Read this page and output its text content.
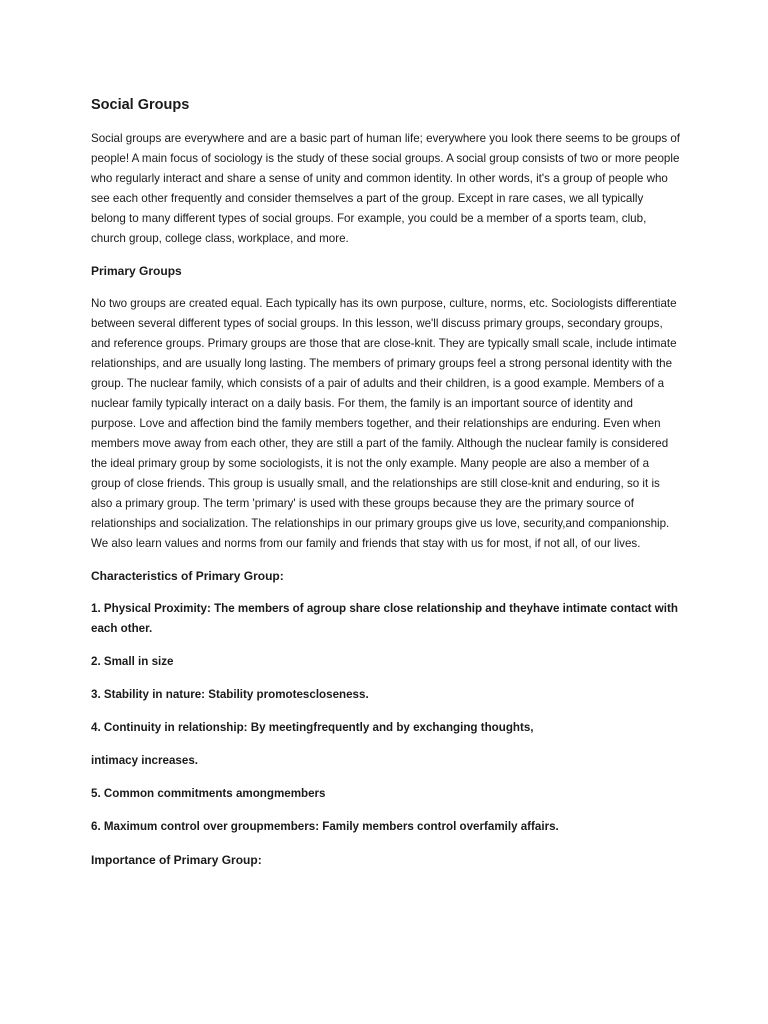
Social Groups

Social groups are everywhere and are a basic part of human life; everywhere you look there seems to be groups of people! A main focus of sociology is the study of these social groups. A social group consists of two or more people who regularly interact and share a sense of unity and common identity. In other words, it's a group of people who see each other frequently and consider themselves a part of the group. Except in rare cases, we all typically belong to many different types of social groups. For example, you could be a member of a sports team, club, church group, college class, workplace, and more.

Primary Groups

No two groups are created equal. Each typically has its own purpose, culture, norms, etc. Sociologists differentiate between several different types of social groups. In this lesson, we'll discuss primary groups, secondary groups, and reference groups. Primary groups are those that are close-knit. They are typically small scale, include intimate relationships, and are usually long lasting. The members of primary groups feel a strong personal identity with the group. The nuclear family, which consists of a pair of adults and their children, is a good example. Members of a nuclear family typically interact on a daily basis. For them, the family is an important source of identity and purpose. Love and affection bind the family members together, and their relationships are enduring. Even when members move away from each other, they are still a part of the family. Although the nuclear family is considered the ideal primary group by some sociologists, it is not the only example. Many people are also a member of a group of close friends. This group is usually small, and the relationships are still close-knit and enduring, so it is also a primary group. The term 'primary' is used with these groups because they are the primary source of relationships and socialization. The relationships in our primary groups give us love, security,and companionship. We also learn values and norms from our family and friends that stay with us for most, if not all, of our lives.

Characteristics of Primary Group:
1. Physical Proximity: The members of agroup share close relationship and theyhave intimate contact with each other.
2. Small in size
3. Stability in nature: Stability promotescloseness.
4. Continuity in relationship: By meetingfrequently and by exchanging thoughts,
intimacy increases.
5. Common commitments amongmembers
6. Maximum control over groupmembers: Family members control overfamily affairs.
Importance of Primary Group:
